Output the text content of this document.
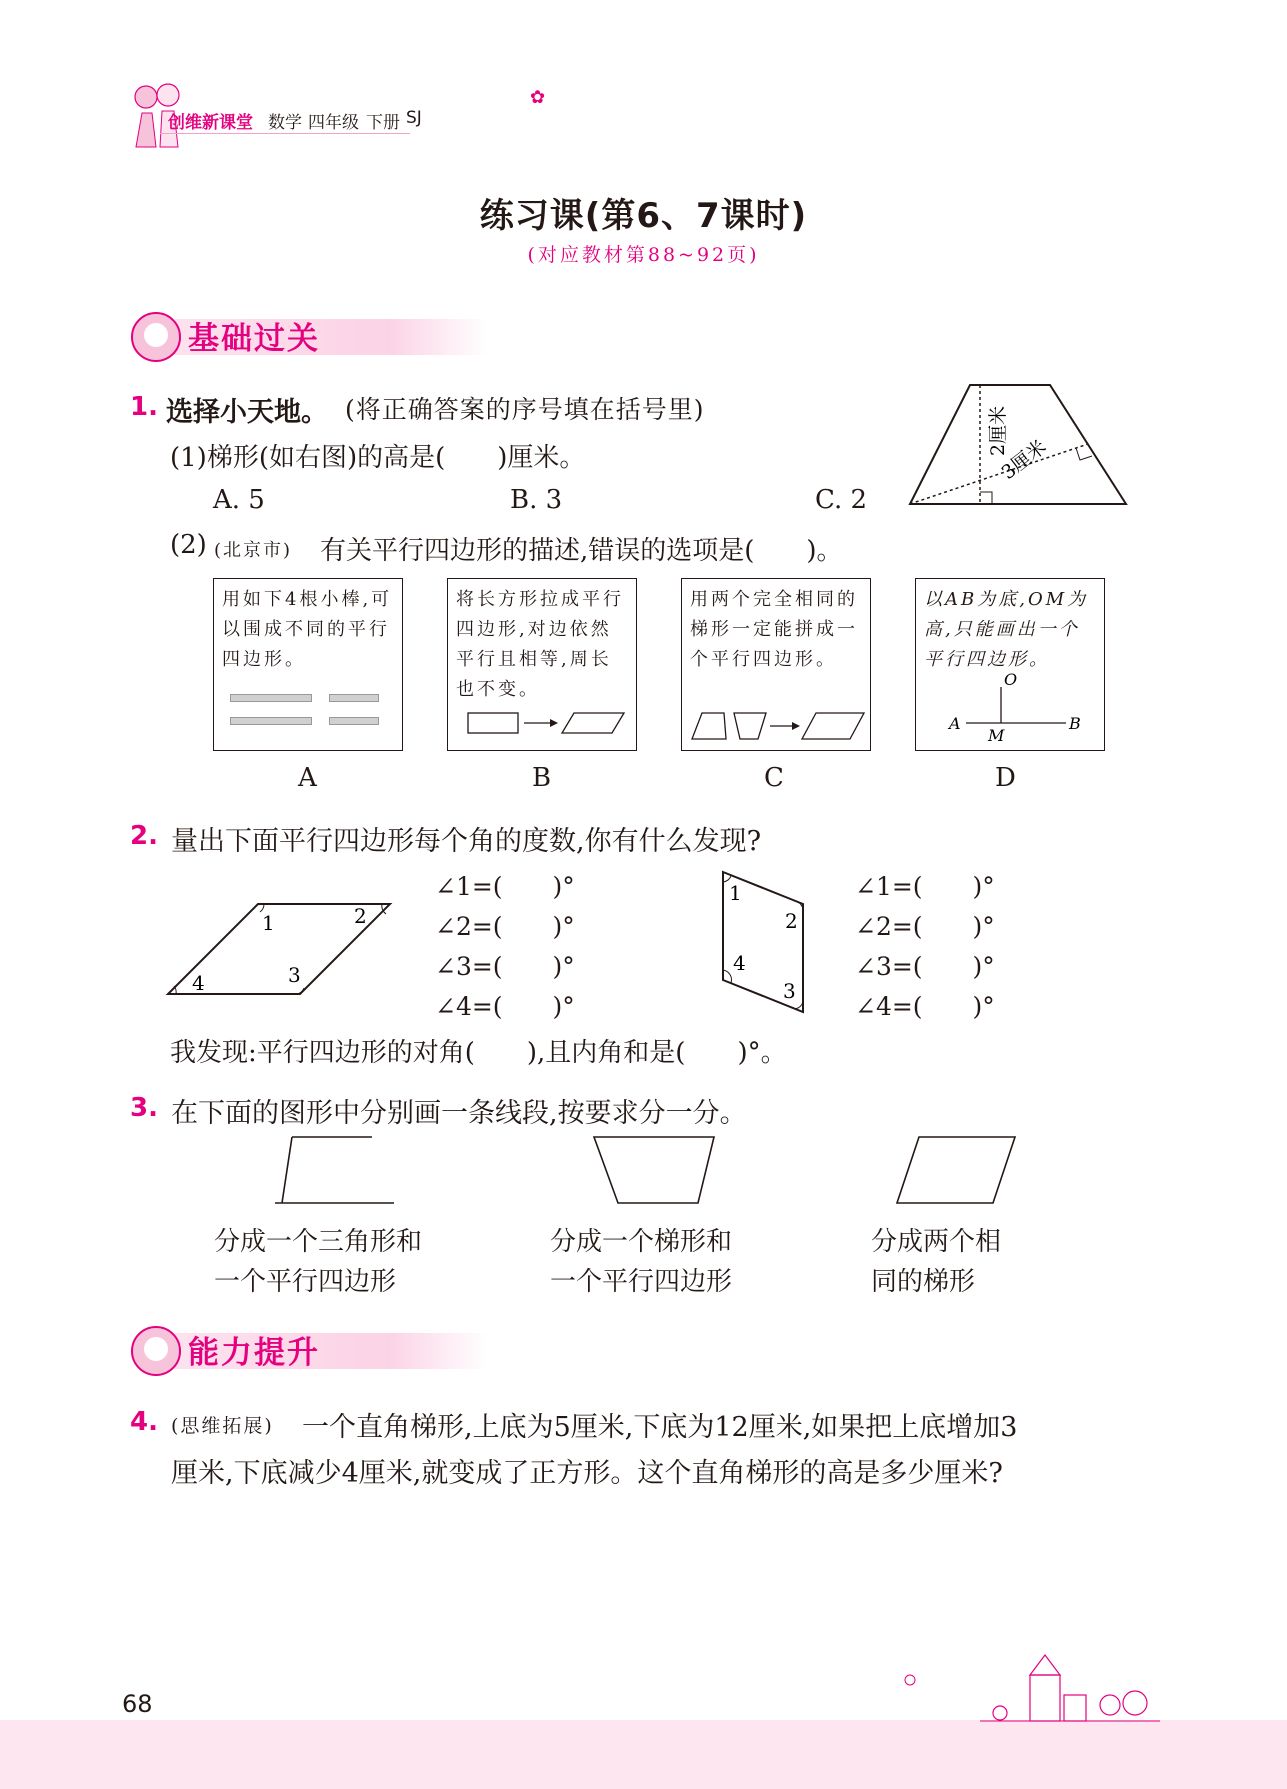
创维新课堂 数学 四年级 下册 SJ
✿
练习课(第6、7课时)
(对应教材第88~92页)
基础过关
1. 选择小天地。 (将正确答案的序号填在括号里)
(1)梯形(如右图)的高是(　　)厘米。
A. 5	B. 3	C. 2
2厘米
3厘米
(2) (北京市) 有关平行四边形的描述,错误的选项是(　　)。
用如下4根小棒,可以围成不同的平行四边形。
A
将长方形拉成平行四边形,对边依然平行且相等,周长也不变。
B
用两个完全相同的梯形一定能拼成一个平行四边形。
C
以AB为底,OM为高,只能画出一个平行四边形。
O
A
M
B
D
2. 量出下面平行四边形每个角的度数,你有什么发现?
1	2
3
4
∠1=(　　)°
∠2=(　　)°
∠3=(　　)°
∠4=(　　)°
1
2
3
4
∠1=(　　)°
∠2=(　　)°
∠3=(　　)°
∠4=(　　)°
我发现:平行四边形的对角(　　),且内角和是(　　)°。
3. 在下面的图形中分别画一条线段,按要求分一分。
分成一个三角形和
一个平行四边形
分成一个梯形和
一个平行四边形
分成两个相
同的梯形
能力提升
4. (思维拓展) 一个直角梯形,上底为5厘米,下底为12厘米,如果把上底增加3
厘米,下底减少4厘米,就变成了正方形。这个直角梯形的高是多少厘米?
68
